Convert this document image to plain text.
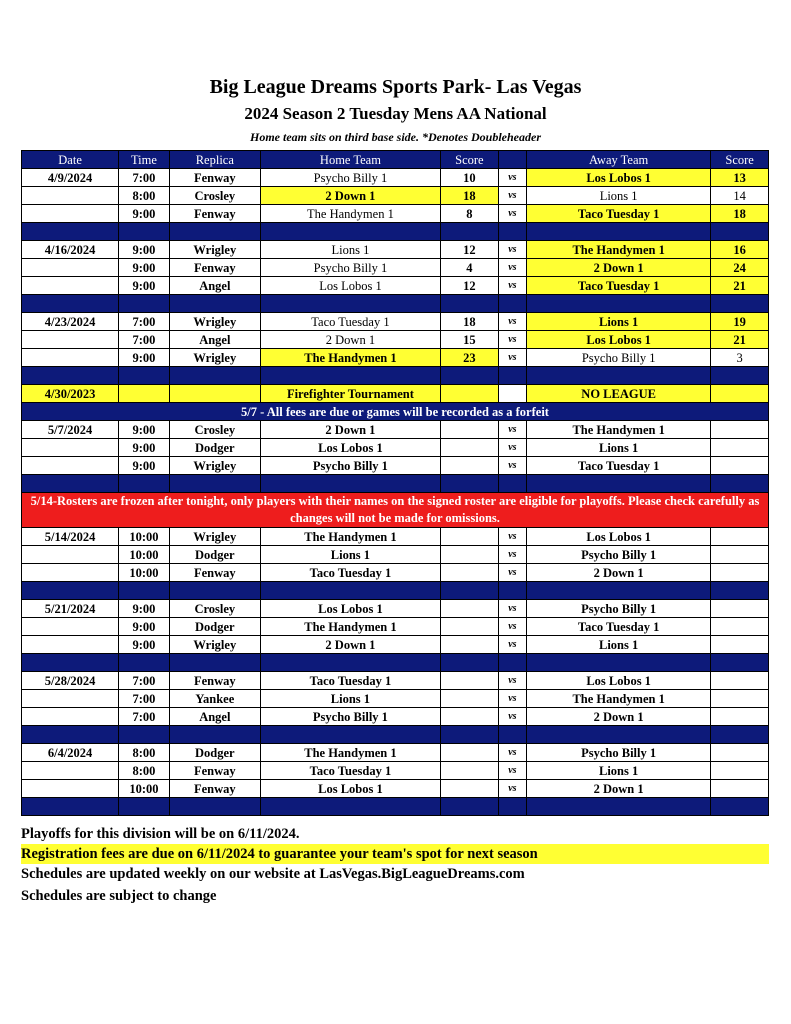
Big League Dreams Sports Park- Las Vegas
2024 Season 2 Tuesday Mens AA National
Home team sits on third base side. *Denotes Doubleheader
Date	Time	Replica	Home Team	Score		Away Team	Score
4/9/2024	7:00	Fenway	Psycho Billy 1	10	vs	Los Lobos 1	13
	8:00	Crosley	2 Down 1	18	vs	Lions 1	14
	9:00	Fenway	The Handymen 1	8	vs	Taco Tuesday 1	18

4/16/2024	9:00	Wrigley	Lions 1	12	vs	The Handymen 1	16
	9:00	Fenway	Psycho Billy 1	4	vs	2 Down 1	24
	9:00	Angel	Los Lobos 1	12	vs	Taco Tuesday 1	21

4/23/2024	7:00	Wrigley	Taco Tuesday 1	18	vs	Lions 1	19
	7:00	Angel	2 Down 1	15	vs	Los Lobos 1	21
	9:00	Wrigley	The Handymen 1	23	vs	Psycho Billy 1	3

4/30/2023			Firefighter Tournament			NO LEAGUE	
5/7 - All fees are due or games will be recorded as a forfeit							
5/7/2024	9:00	Crosley	2 Down 1		vs	The Handymen 1	
	9:00	Dodger	Los Lobos 1		vs	Lions 1	
	9:00	Wrigley	Psycho Billy 1		vs	Taco Tuesday 1	

5/14-Rosters are frozen after tonight, only players with their names on the signed roster are eligible for playoffs. Please check carefully as changes will not be made for omissions.							
5/14/2024	10:00	Wrigley	The Handymen 1		vs	Los Lobos 1	
	10:00	Dodger	Lions 1		vs	Psycho Billy 1	
	10:00	Fenway	Taco Tuesday 1		vs	2 Down 1	

5/21/2024	9:00	Crosley	Los Lobos 1		vs	Psycho Billy 1	
	9:00	Dodger	The Handymen 1		vs	Taco Tuesday 1	
	9:00	Wrigley	2 Down 1		vs	Lions 1	

5/28/2024	7:00	Fenway	Taco Tuesday 1		vs	Los Lobos 1	
	7:00	Yankee	Lions 1		vs	The Handymen 1	
	7:00	Angel	Psycho Billy 1		vs	2 Down 1	

6/4/2024	8:00	Dodger	The Handymen 1		vs	Psycho Billy 1	
	8:00	Fenway	Taco Tuesday 1		vs	Lions 1	
	10:00	Fenway	Los Lobos 1		vs	2 Down 1	

Playoffs for this division will be on 6/11/2024.
Registration fees are due on 6/11/2024 to guarantee your team's spot for next season
Schedules are updated weekly on our website at LasVegas.BigLeagueDreams.com
Schedules are subject to change
